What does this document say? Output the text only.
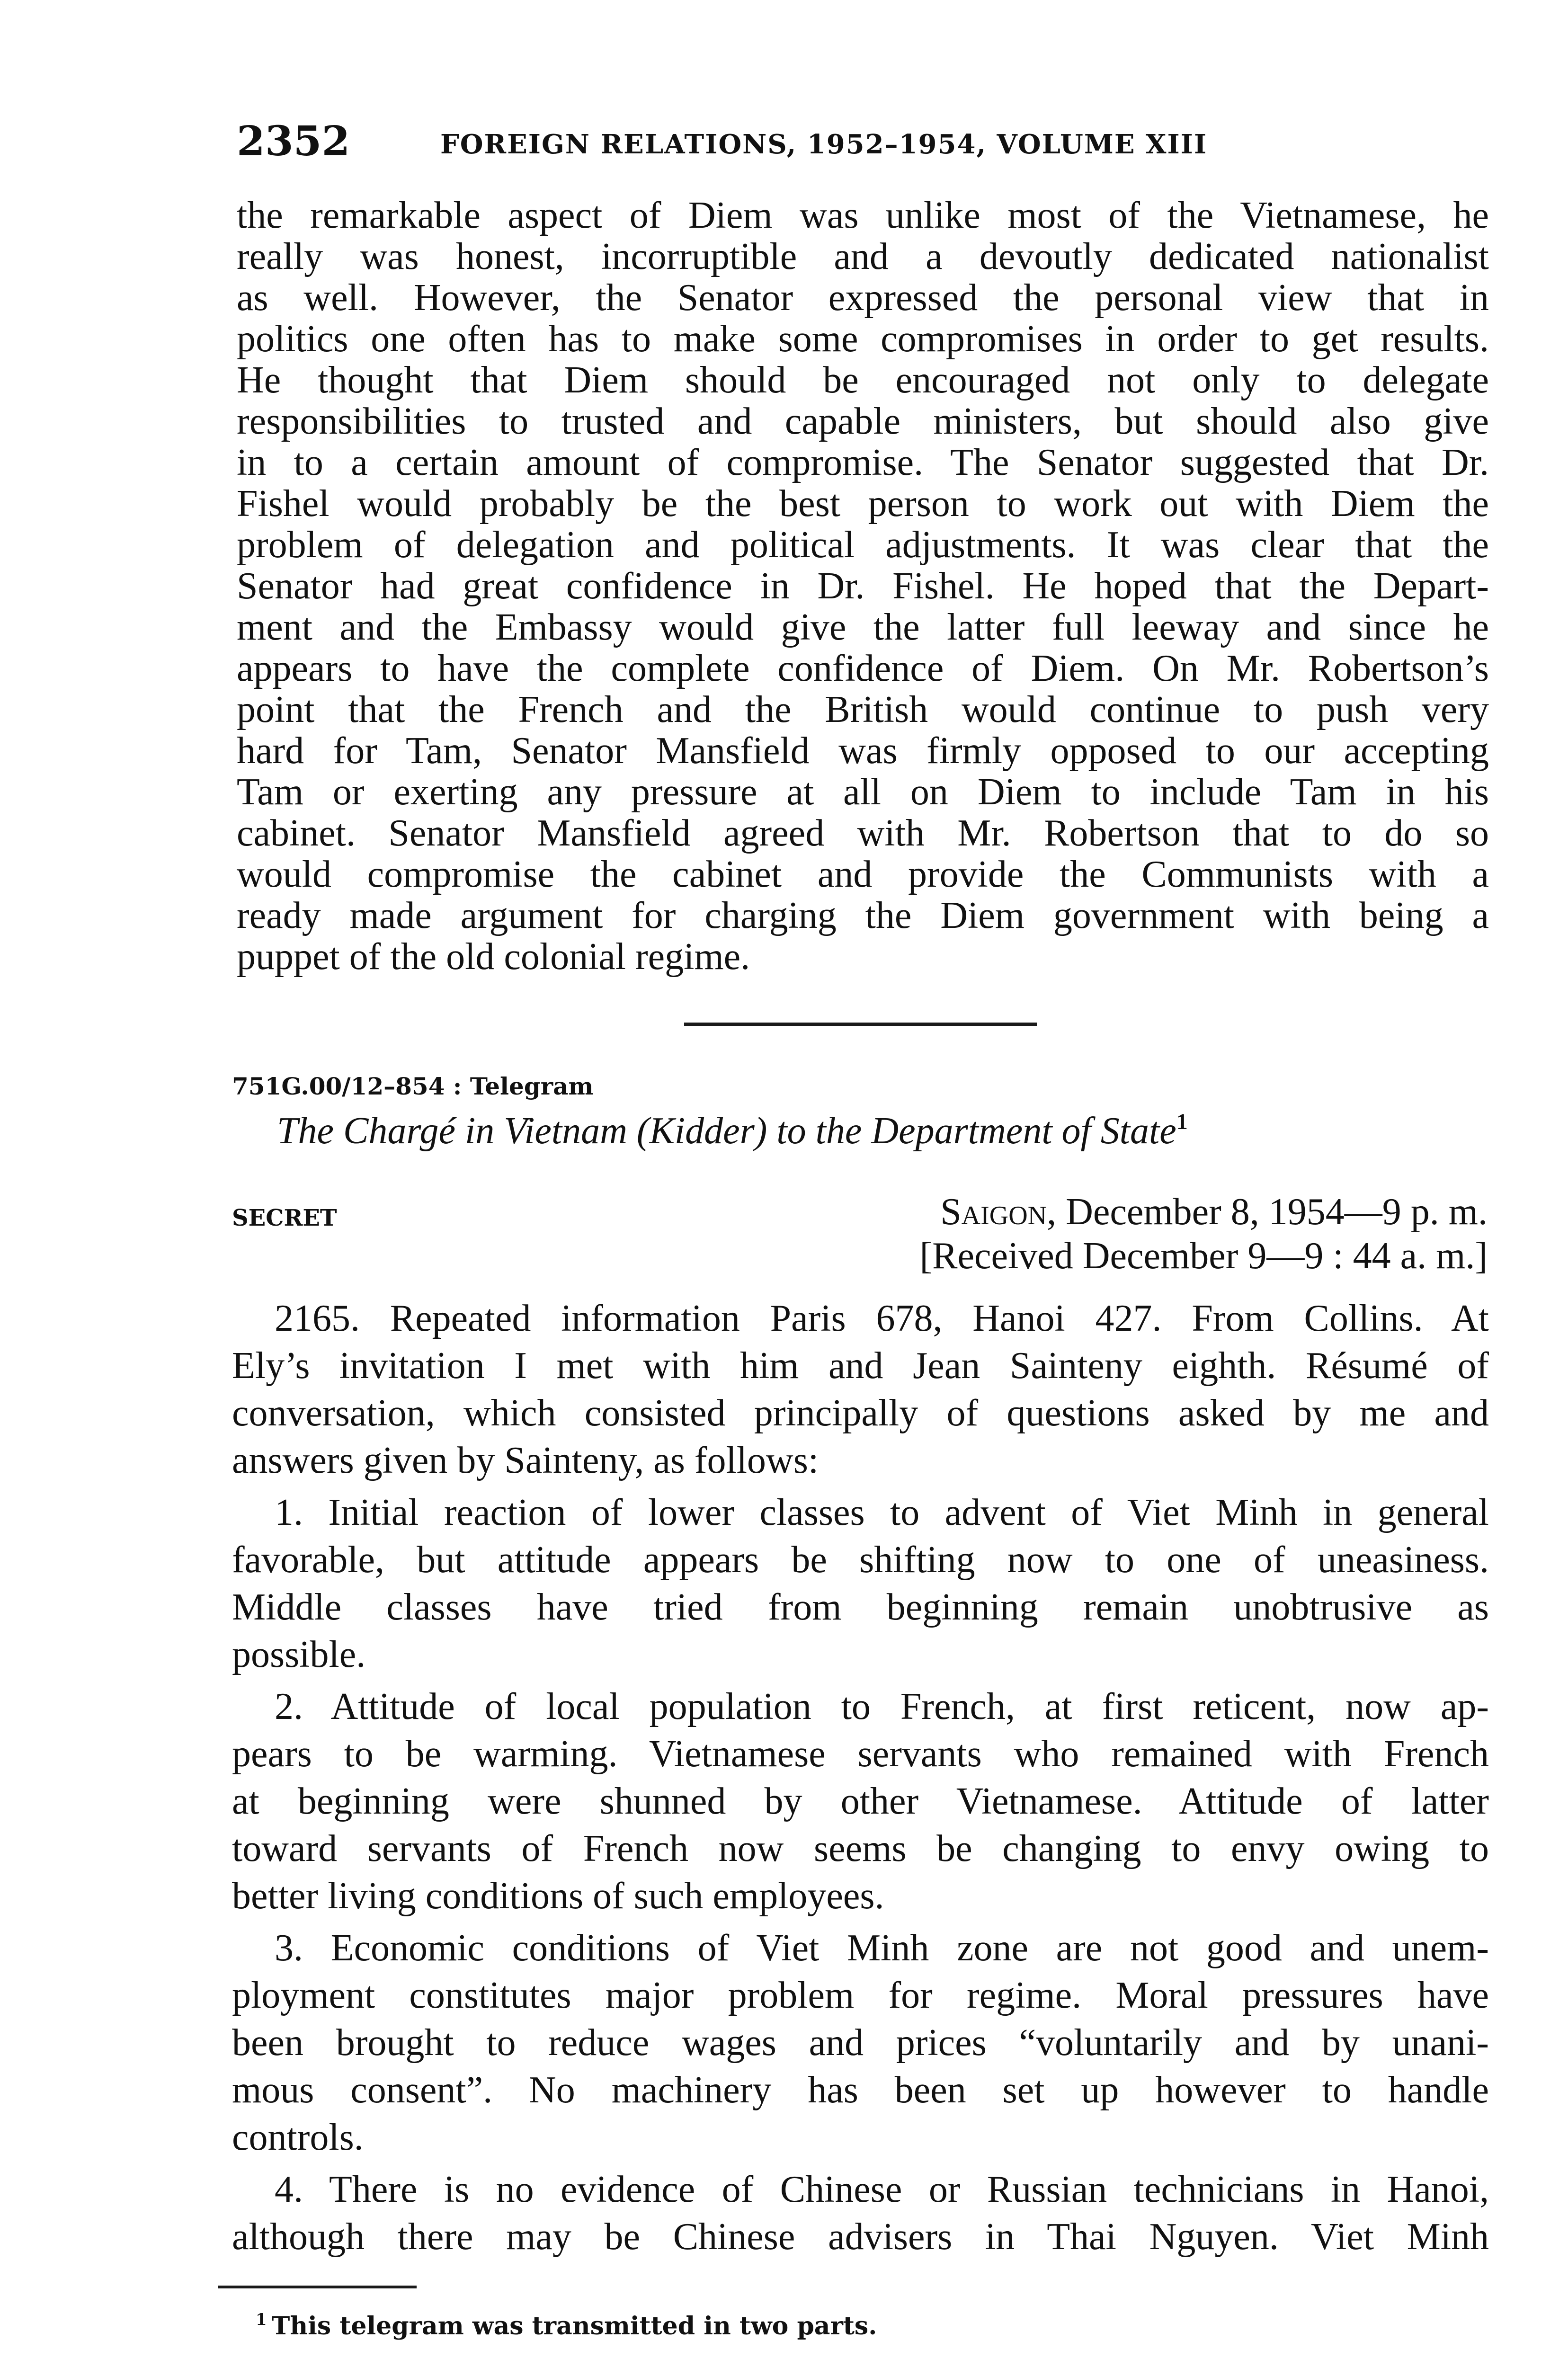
2352	FOREIGN RELATIONS, 1952–1954, VOLUME XIII
the remarkable aspect of Diem was unlike most of the Vietnamese, he
really was honest, incorruptible and a devoutly dedicated nationalist
as well. However, the Senator expressed the personal view that in
politics one often has to make some compromises in order to get results.
He thought that Diem should be encouraged not only to delegate
responsibilities to trusted and capable ministers, but should also give
in to a certain amount of compromise. The Senator suggested that Dr.
Fishel would probably be the best person to work out with Diem the
problem of delegation and political adjustments. It was clear that the
Senator had great confidence in Dr. Fishel. He hoped that the Depart-
ment and the Embassy would give the latter full leeway and since he
appears to have the complete confidence of Diem. On Mr. Robertson’s
point that the French and the British would continue to push very
hard for Tam, Senator Mansfield was firmly opposed to our accepting
Tam or exerting any pressure at all on Diem to include Tam in his
cabinet. Senator Mansfield agreed with Mr. Robertson that to do so
would compromise the cabinet and provide the Communists with a
ready made argument for charging the Diem government with being a
puppet of the old colonial regime.
751G.00/12–854 : Telegram
The Chargé in Vietnam (Kidder) to the Department of State$^1$
SECRET	Saigon, December 8, 1954—9 p. m.
[Received December 9—9 : 44 a. m.]
2165. Repeated information Paris 678, Hanoi 427. From Collins. At
Ely’s invitation I met with him and Jean Sainteny eighth. Résumé of
conversation, which consisted principally of questions asked by me and
answers given by Sainteny, as follows:
1. Initial reaction of lower classes to advent of Viet Minh in general
favorable, but attitude appears be shifting now to one of uneasiness.
Middle classes have tried from beginning remain unobtrusive as
possible.
2. Attitude of local population to French, at first reticent, now ap-
pears to be warming. Vietnamese servants who remained with French
at beginning were shunned by other Vietnamese. Attitude of latter
toward servants of French now seems be changing to envy owing to
better living conditions of such employees.
3. Economic conditions of Viet Minh zone are not good and unem-
ployment constitutes major problem for regime. Moral pressures have
been brought to reduce wages and prices “voluntarily and by unani-
mous consent”. No machinery has been set up however to handle
controls.
4. There is no evidence of Chinese or Russian technicians in Hanoi,
although there may be Chinese advisers in Thai Nguyen. Viet Minh
$^1$ This telegram was transmitted in two parts.
